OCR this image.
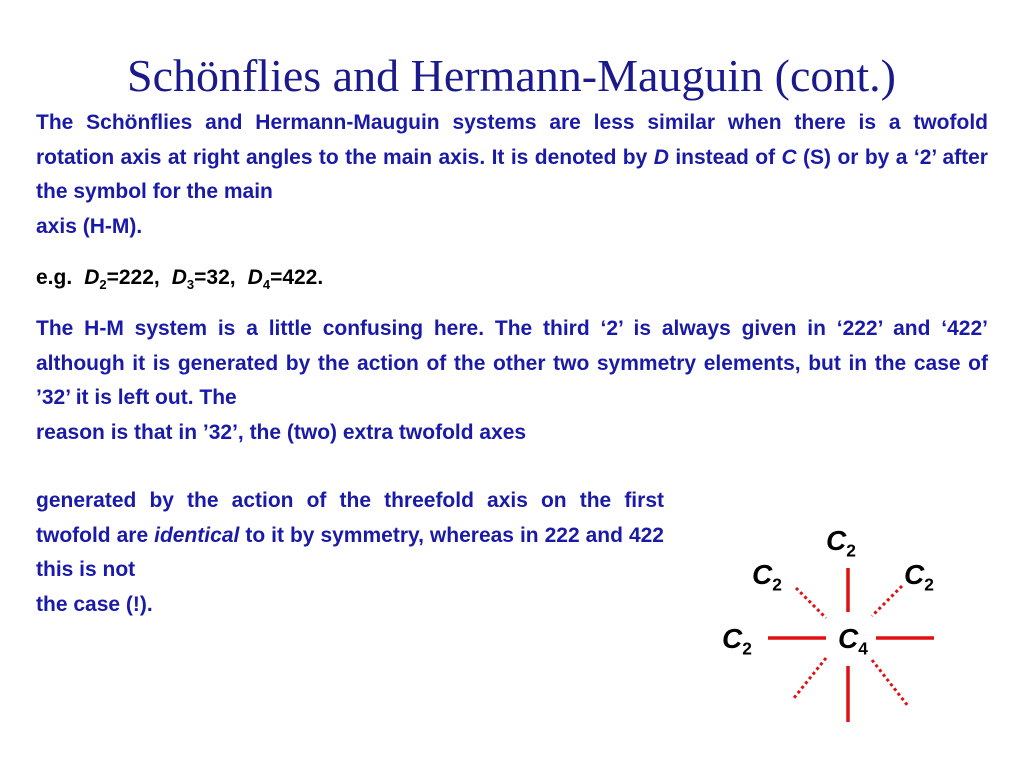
Schönflies and Hermann-Mauguin (cont.)
The Schönflies and Hermann-Mauguin systems are less similar when there is a twofold rotation axis at right angles to the main axis. It is denoted by D instead of C (S) or by a ‘2’ after the symbol for the main
axis (H-M).
e.g. $D_2=222$, $D_3=32$, $D_4=422$.
The H-M system is a little confusing here. The third ‘2’ is always given in ‘222’ and ‘422’ although it is generated by the action of the other two symmetry elements, but in the case of ’32’ it is left out. The
reason is that in ’32’, the (two) extra twofold axes
generated by the action of the threefold axis on the first twofold are identical to it by symmetry, whereas in 222 and 422 this is not
the case (!).
$C_2$
$C_2$	$C_2$
$C_2$	$C_4$
